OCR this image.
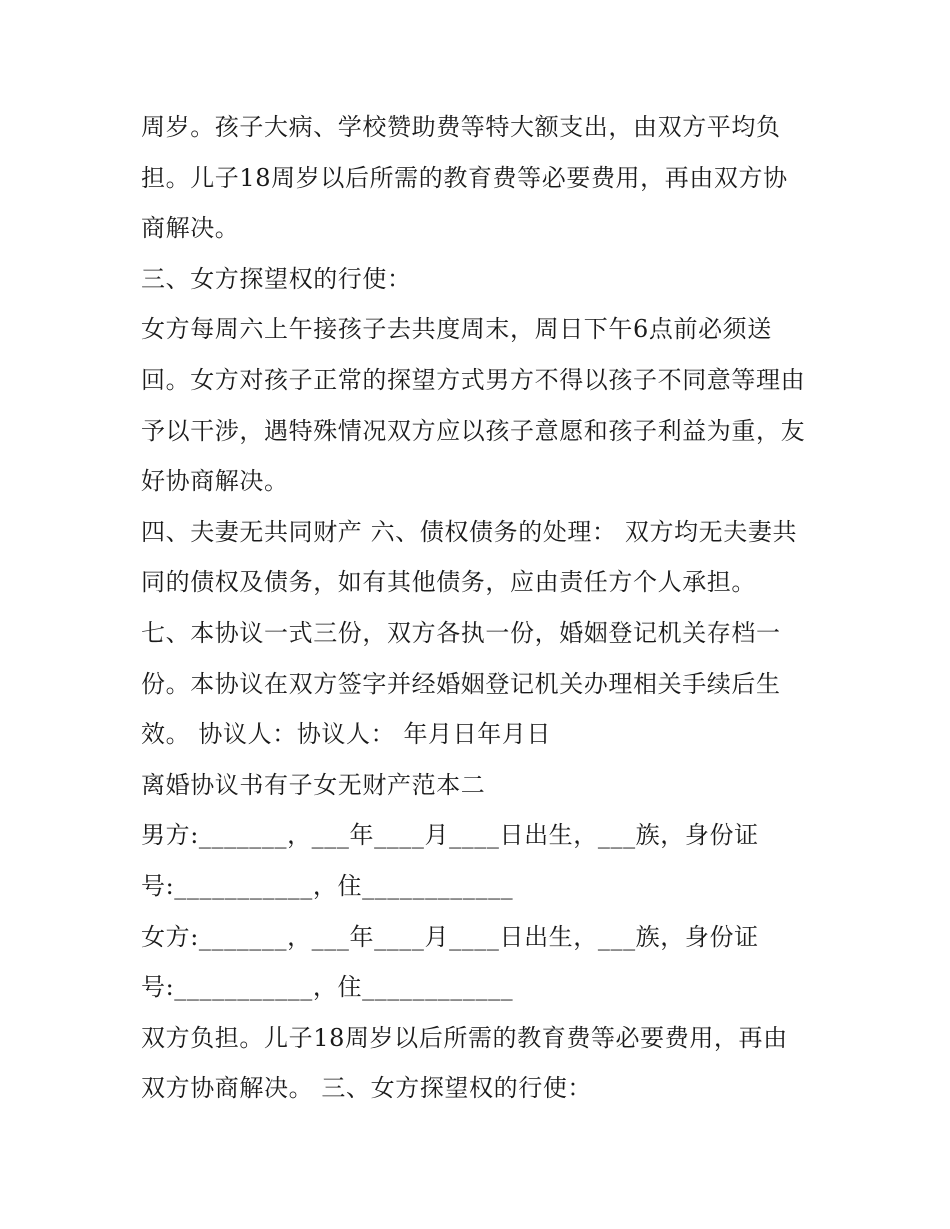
周岁。孩子大病、学校赞助费等特大额支出，由双方平均负
担。儿子18周岁以后所需的教育费等必要费用，再由双方协
商解决。
三、女方探望权的行使：
女方每周六上午接孩子去共度周末，周日下午6点前必须送
回。女方对孩子正常的探望方式男方不得以孩子不同意等理由
予以干涉，遇特殊情况双方应以孩子意愿和孩子利益为重，友
好协商解决。
四、夫妻无共同财产 六、债权债务的处理： 双方均无夫妻共
同的债权及债务，如有其他债务，应由责任方个人承担。
七、本协议一式三份，双方各执一份，婚姻登记机关存档一
份。本协议在双方签字并经婚姻登记机关办理相关手续后生
效。 协议人：协议人： 年月日年月日
离婚协议书有子女无财产范本二
男方:_______，___年____月____日出生，___族，身份证
号:___________，住____________
女方:_______，___年____月____日出生，___族，身份证
号:___________，住____________
双方负担。儿子18周岁以后所需的教育费等必要费用，再由
双方协商解决。 三、女方探望权的行使：
